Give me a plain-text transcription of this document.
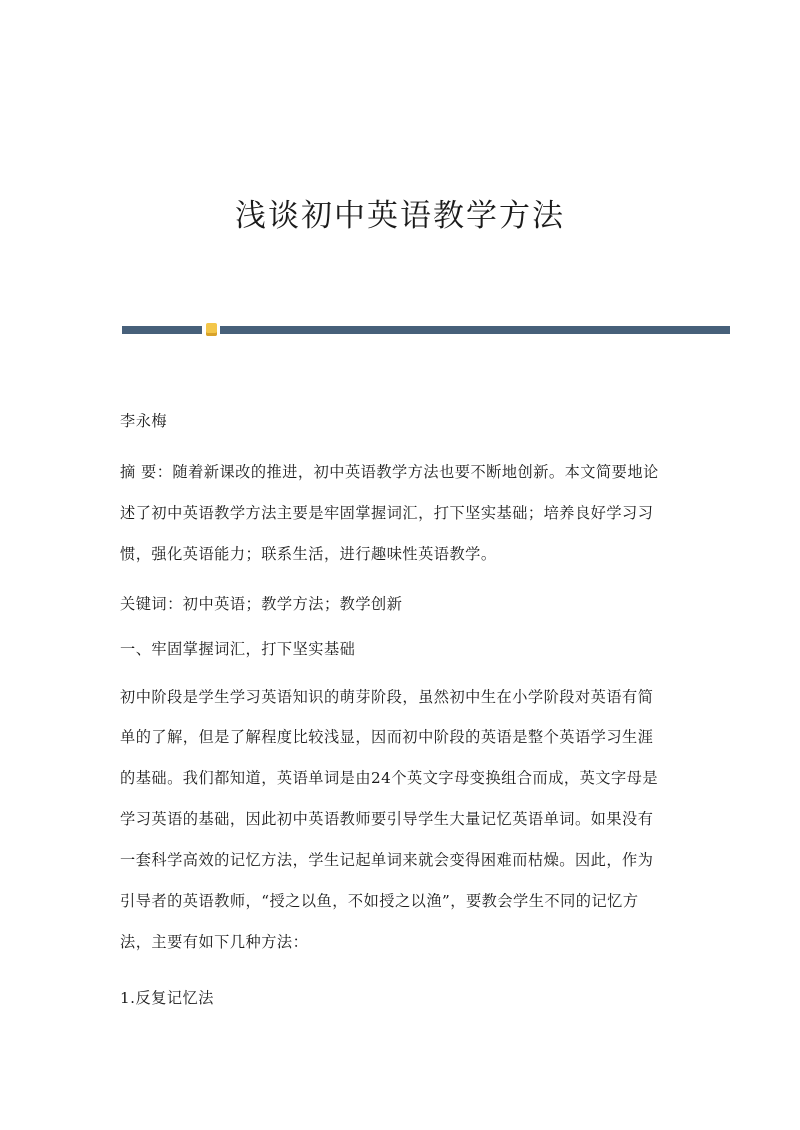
浅谈初中英语教学方法
李永梅
摘 要：随着新课改的推进，初中英语教学方法也要不断地创新。本文简要地论
述了初中英语教学方法主要是牢固掌握词汇，打下坚实基础；培养良好学习习
惯，强化英语能力；联系生活，进行趣味性英语教学。
关键词：初中英语；教学方法；教学创新
一、牢固掌握词汇，打下坚实基础
初中阶段是学生学习英语知识的萌芽阶段，虽然初中生在小学阶段对英语有简
单的了解，但是了解程度比较浅显，因而初中阶段的英语是整个英语学习生涯
的基础。我们都知道，英语单词是由24个英文字母变换组合而成，英文字母是
学习英语的基础，因此初中英语教师要引导学生大量记忆英语单词。如果没有
一套科学高效的记忆方法，学生记起单词来就会变得困难而枯燥。因此，作为
引导者的英语教师，“授之以鱼，不如授之以渔”，要教会学生不同的记忆方
法，主要有如下几种方法：
1.反复记忆法
